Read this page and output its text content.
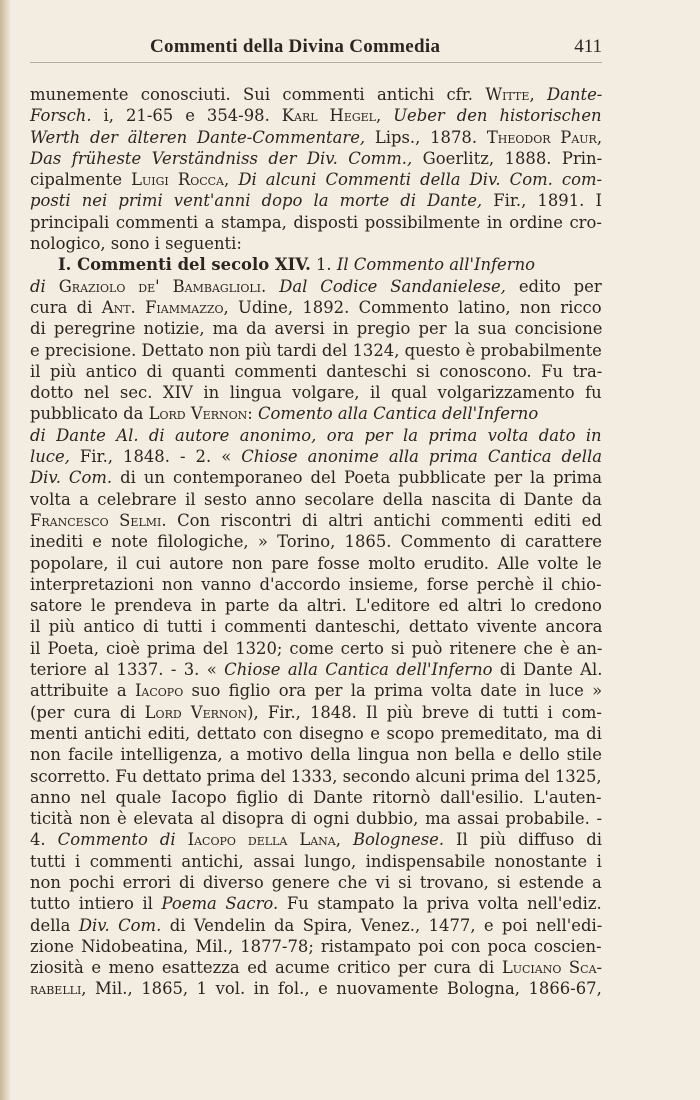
Commenti della Divina Commedia	411
munemente conosciuti. Sui commenti antichi cfr. Witte, Dante-
Forsch. i, 21-65 e 354-98. Karl Hegel, Ueber den historischen
Werth der älteren Dante-Commentare, Lips., 1878. Theodor Paur,
Das früheste Verständniss der Div. Comm., Goerlitz, 1888. Prin-
cipalmente Luigi Rocca, Di alcuni Commenti della Div. Com. com-
posti nei primi vent'anni dopo la morte di Dante, Fir., 1891. I
principali commenti a stampa, disposti possibilmente in ordine cro-
nologico, sono i seguenti:
I. Commenti del secolo XIV. 1. Il Commento all'Inferno
di Graziolo de' Bambaglioli. Dal Codice Sandanielese, edito per
cura di Ant. Fiammazzo, Udine, 1892. Commento latino, non ricco
di peregrine notizie, ma da aversi in pregio per la sua concisione
e precisione. Dettato non più tardi del 1324, questo è probabilmente
il più antico di quanti commenti danteschi si conoscono. Fu tra-
dotto nel sec. XIV in lingua volgare, il qual volgarizzamento fu
pubblicato da Lord Vernon: Comento alla Cantica dell'Inferno
di Dante Al. di autore anonimo, ora per la prima volta dato in
luce, Fir., 1848. - 2. « Chiose anonime alla prima Cantica della
Div. Com. di un contemporaneo del Poeta pubblicate per la prima
volta a celebrare il sesto anno secolare della nascita di Dante da
Francesco Selmi. Con riscontri di altri antichi commenti editi ed
inediti e note filologiche, » Torino, 1865. Commento di carattere
popolare, il cui autore non pare fosse molto erudito. Alle volte le
interpretazioni non vanno d'accordo insieme, forse perchè il chio-
satore le prendeva in parte da altri. L'editore ed altri lo credono
il più antico di tutti i commenti danteschi, dettato vivente ancora
il Poeta, cioè prima del 1320; come certo si può ritenere che è an-
teriore al 1337. - 3. « Chiose alla Cantica dell'Inferno di Dante Al.
attribuite a Iacopo suo figlio ora per la prima volta date in luce »
(per cura di Lord Vernon), Fir., 1848. Il più breve di tutti i com-
menti antichi editi, dettato con disegno e scopo premeditato, ma di
non facile intelligenza, a motivo della lingua non bella e dello stile
scorretto. Fu dettato prima del 1333, secondo alcuni prima del 1325,
anno nel quale Iacopo figlio di Dante ritornò dall'esilio. L'auten-
ticità non è elevata al disopra di ogni dubbio, ma assai probabile. -
4. Commento di Iacopo della Lana, Bolognese. Il più diffuso di
tutti i commenti antichi, assai lungo, indispensabile nonostante i
non pochi errori di diverso genere che vi si trovano, si estende a
tutto intiero il Poema Sacro. Fu stampato la priva volta nell'ediz.
della Div. Com. di Vendelin da Spira, Venez., 1477, e poi nell'edi-
zione Nidobeatina, Mil., 1877-78; ristampato poi con poca coscien-
ziosità e meno esattezza ed acume critico per cura di Luciano Sca-
rabelli, Mil., 1865, 1 vol. in fol., e nuovamente Bologna, 1866-67,
